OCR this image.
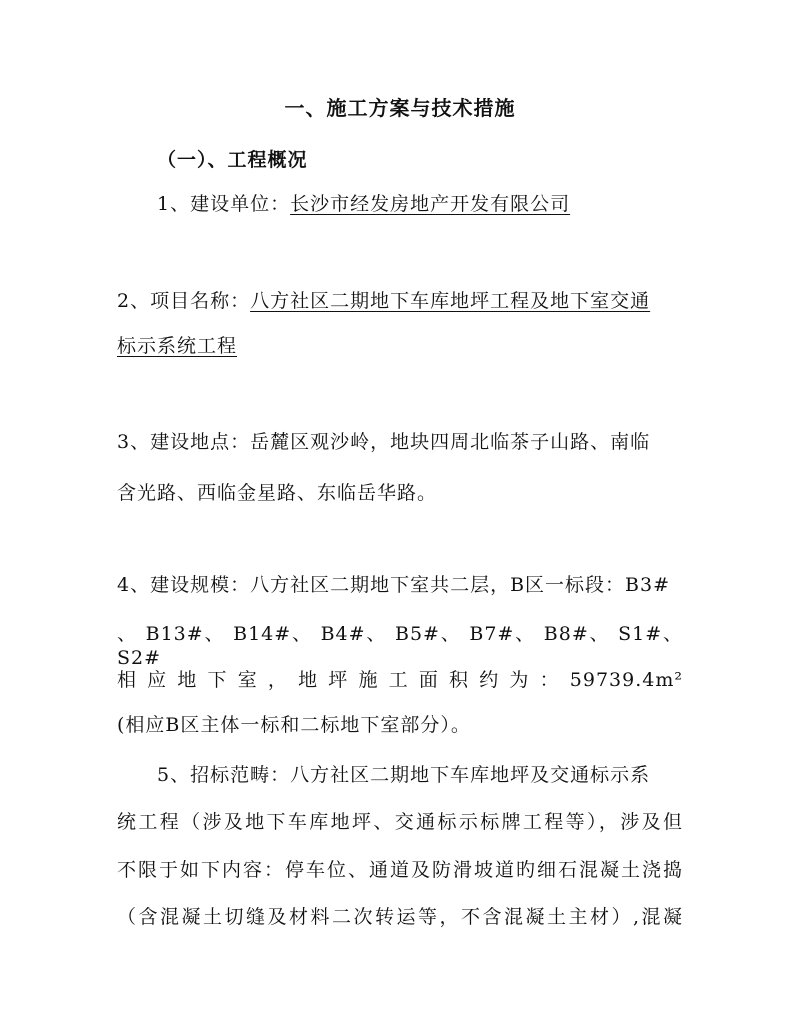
一、施工方案与技术措施
（一）、工程概况
1、建设单位：长沙市经发房地产开发有限公司
2、项目名称：八方社区二期地下车库地坪工程及地下室交通
标示系统工程
3、建设地点：岳麓区观沙岭，地块四周北临茶子山路、南临
含光路、西临金星路、东临岳华路。
4、建设规模：八方社区二期地下室共二层，B区一标段：B3#
、 B13#、 B14#、 B4#、 B5#、 B7#、 B8#、 S1#、 S2#
相 应 地 下 室 ， 地 坪 施 工 面 积 约 为 ： 59739.4m²
(相应B区主体一标和二标地下室部分）。
5、招标范畴：八方社区二期地下车库地坪及交通标示系
统工程（涉及地下车库地坪、交通标示标牌工程等），涉及但
不限于如下内容：停车位、通道及防滑坡道旳细石混凝土浇捣
（含混凝土切缝及材料二次转运等，不含混凝土主材）,混凝
